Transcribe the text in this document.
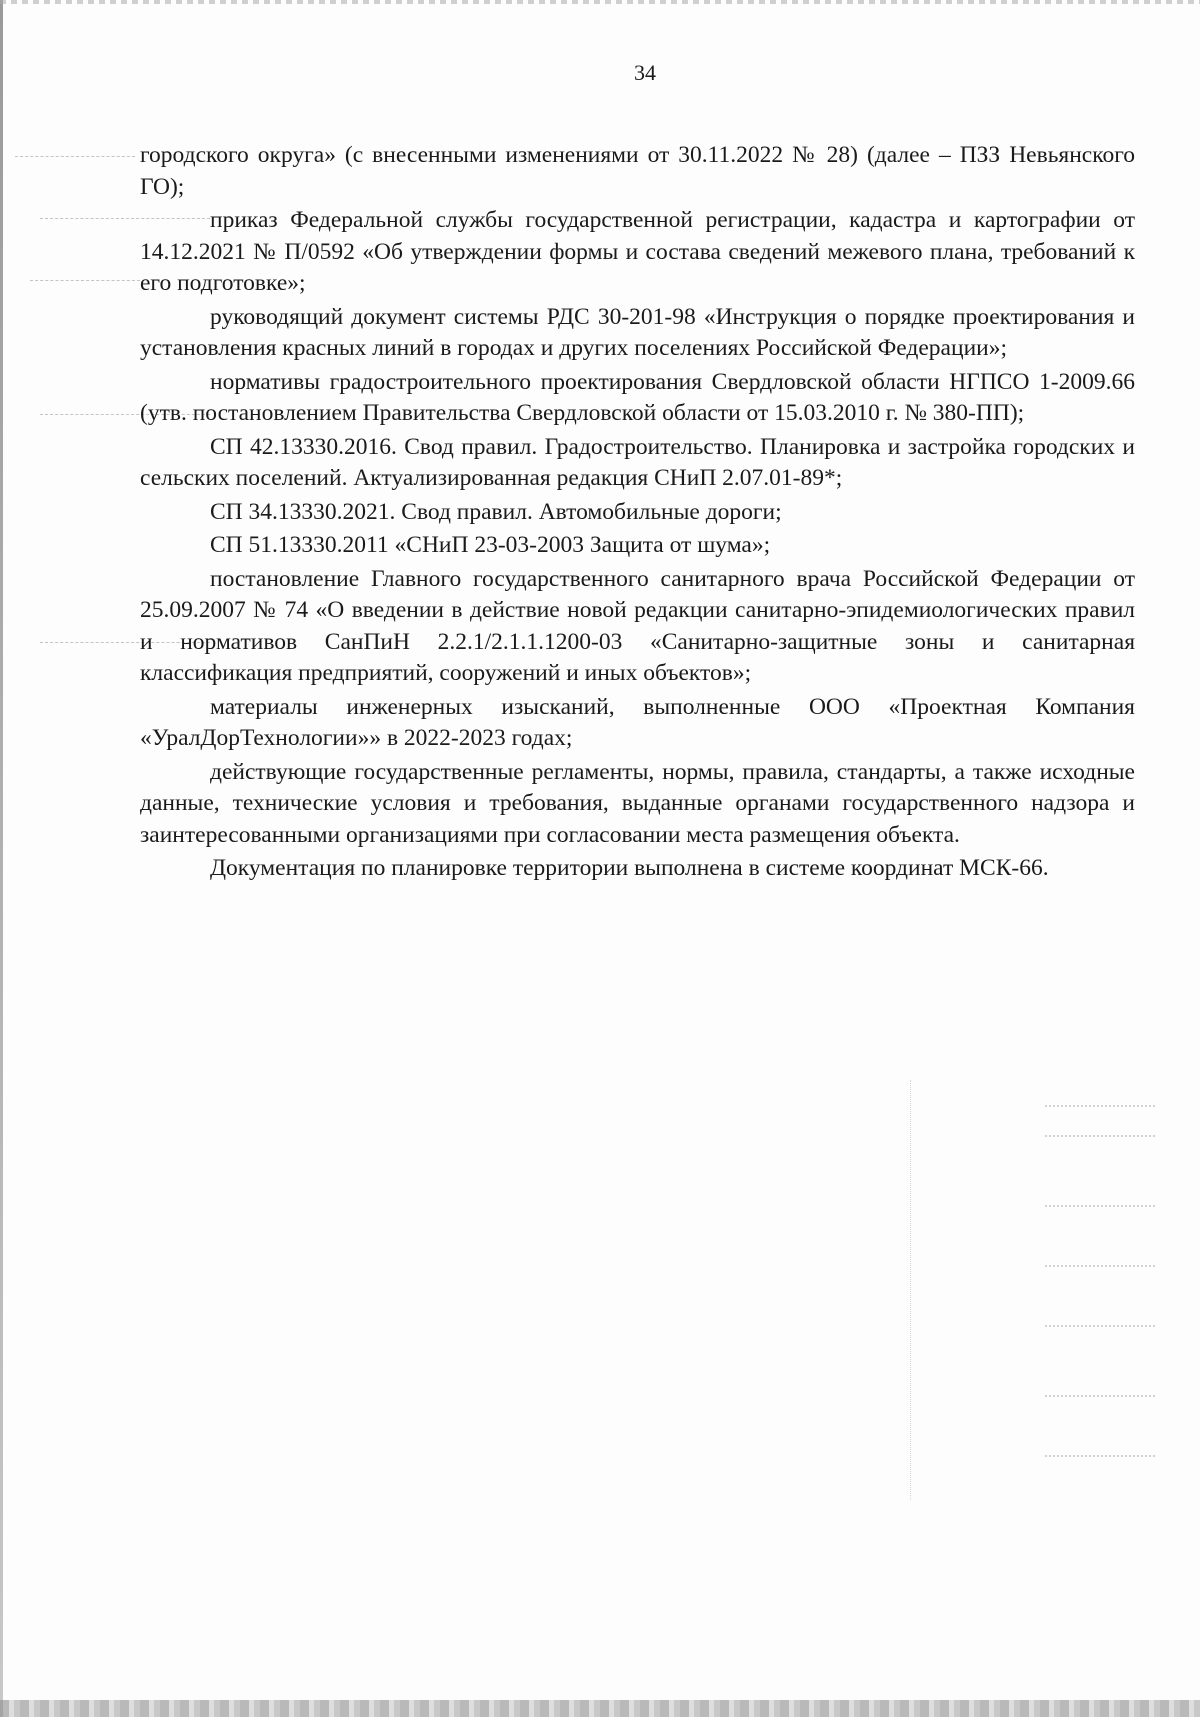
34

городского округа» (с внесенными изменениями от 30.11.2022 № 28) (далее – ПЗЗ Невьянского ГО);

приказ Федеральной службы государственной регистрации, кадастра и картографии от 14.12.2021 № П/0592 «Об утверждении формы и состава сведений межевого плана, требований к его подготовке»;

руководящий документ системы РДС 30-201-98 «Инструкция о порядке проектирования и установления красных линий в городах и других поселениях Российской Федерации»;

нормативы градостроительного проектирования Свердловской области НГПСО 1-2009.66 (утв. постановлением Правительства Свердловской области от 15.03.2010 г. № 380-ПП);

СП 42.13330.2016. Свод правил. Градостроительство. Планировка и застройка городских и сельских поселений. Актуализированная редакция СНиП 2.07.01-89*;

СП 34.13330.2021. Свод правил. Автомобильные дороги;

СП 51.13330.2011 «СНиП 23-03-2003 Защита от шума»;

постановление Главного государственного санитарного врача Российской Федерации от 25.09.2007 № 74 «О введении в действие новой редакции санитарно-эпидемиологических правил и нормативов СанПиН 2.2.1/2.1.1.1200-03 «Санитарно-защитные зоны и санитарная классификация предприятий, сооружений и иных объектов»;

материалы инженерных изысканий, выполненные ООО «Проектная Компания «УралДорТехнологии»» в 2022-2023 годах;

действующие государственные регламенты, нормы, правила, стандарты, а также исходные данные, технические условия и требования, выданные органами государственного надзора и заинтересованными организациями при согласовании места размещения объекта.

Документация по планировке территории выполнена в системе координат МСК-66.
